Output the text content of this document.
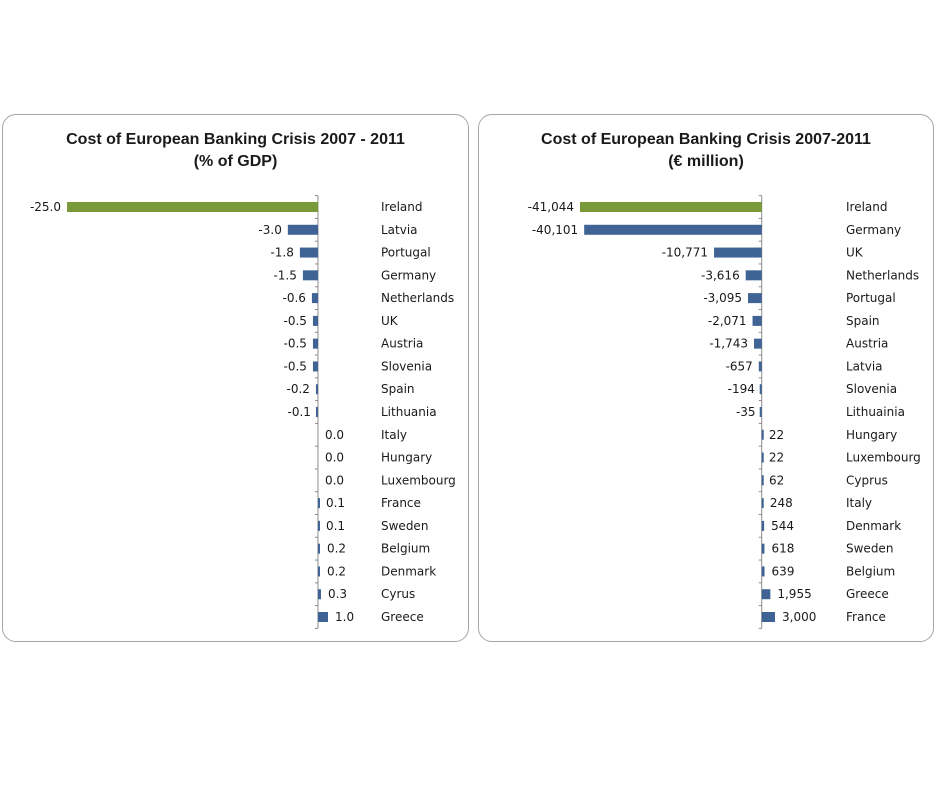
Cost of European Banking Crisis 2007 - 2011
(% of GDP)
-25.0	Ireland
-3.0	Latvia
-1.8	Portugal
-1.5	Germany
-0.6	Netherlands
-0.5	UK
-0.5	Austria
-0.5	Slovenia
-0.2	Spain
-0.1	Lithuania
0.0	Italy
0.0	Hungary
0.0	Luxembourg
0.1	France
0.1	Sweden
0.2	Belgium
0.2	Denmark
0.3	Cyrus
1.0 Greece
Cost of European Banking Crisis 2007-2011
(€ million)
-41,044	Ireland
-40,101	Germany
-10,771	UK
-3,616	Netherlands
-3,095	Portugal
-2,071	Spain
-1,743	Austria
-657	Latvia
-194	Slovenia
-35	Lithuainia
22	Hungary
22	Luxembourg
62	Cyprus
248	Italy
544	Denmark
618	Sweden
639	Belgium
1,955	Greece
3,000 France
